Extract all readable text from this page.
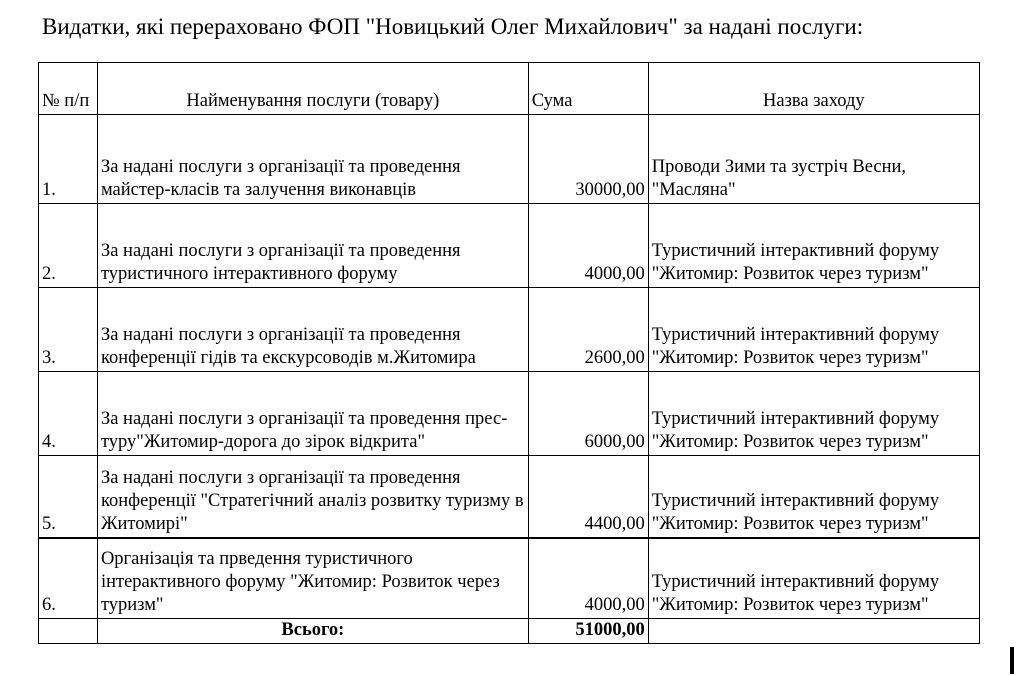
Видатки, які перераховано ФОП "Новицький Олег Михайлович" за надані послуги:
№ п/п	Найменування послуги (товару)	Сума	Назва заходу
1.	За надані послуги з організації та проведення майстер-класів та залучення виконавців	30000,00	Проводи Зими та зустріч Весни, "Масляна"
2.	За надані послуги з організації та проведення туристичного інтерактивного форуму	4000,00	Туристичний інтерактивний форуму "Житомир: Розвиток через туризм"
3.	За надані послуги з організації та проведення конференції гідів та екскурсоводів м.Житомира	2600,00	Туристичний інтерактивний форуму "Житомир: Розвиток через туризм"
4.	За надані послуги з організації та проведення прес-туру"Житомир-дорога до зірок відкрита"	6000,00	Туристичний інтерактивний форуму "Житомир: Розвиток через туризм"
5.	За надані послуги з організації та проведення конференції "Стратегічний аналіз розвитку туризму в Житомирі"	4400,00	Туристичний інтерактивний форуму "Житомир: Розвиток через туризм"
6.	Організація та прведення туристичного інтерактивного форуму "Житомир: Розвиток через туризм"	4000,00	Туристичний інтерактивний форуму "Житомир: Розвиток через туризм"
	Всього:	51000,00	
